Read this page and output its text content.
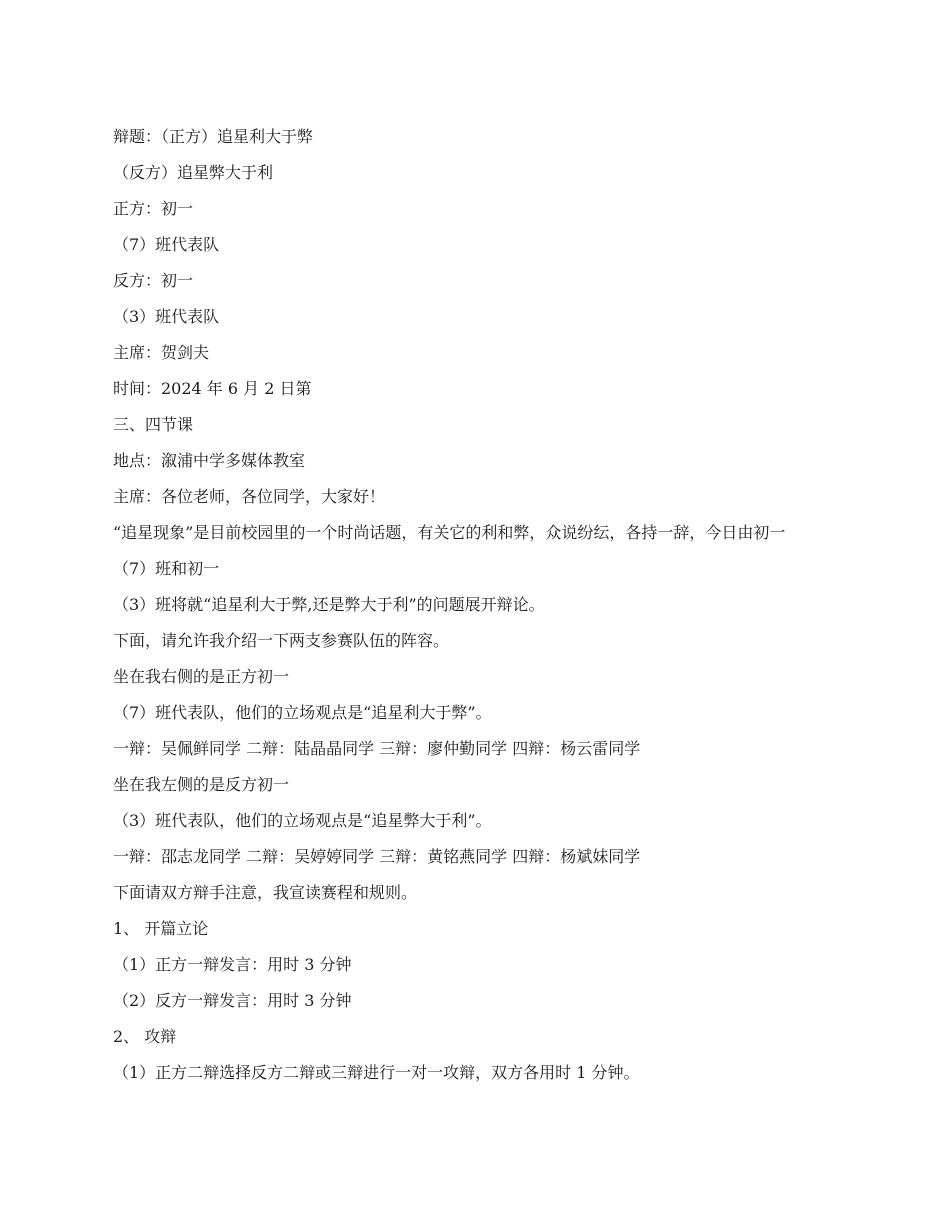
辩题：（正方）追星利大于弊

（反方）追星弊大于利

正方：初一

（7）班代表队

反方：初一

（3）班代表队

主席：贺剑夫

时间：2024 年 6 月 2 日第

三、四节课

地点：溆浦中学多媒体教室

主席：各位老师，各位同学，大家好！

“追星现象”是目前校园里的一个时尚话题，有关它的利和弊，众说纷纭，各持一辞，今日由初一

（7）班和初一

（3）班将就“追星利大于弊,还是弊大于利”的问题展开辩论。

下面，请允许我介绍一下两支参赛队伍的阵容。

坐在我右侧的是正方初一

（7）班代表队，他们的立场观点是“追星利大于弊”。

一辩：吴佩鲜同学 二辩：陆晶晶同学 三辩：廖仲勤同学 四辩：杨云雷同学

坐在我左侧的是反方初一

（3）班代表队，他们的立场观点是“追星弊大于利”。

一辩：邵志龙同学 二辩：吴婷婷同学 三辩：黄铭燕同学 四辩：杨斌妹同学

下面请双方辩手注意，我宣读赛程和规则。

1、 开篇立论

（1）正方一辩发言：用时 3 分钟

（2）反方一辩发言：用时 3 分钟

2、 攻辩

（1）正方二辩选择反方二辩或三辩进行一对一攻辩，双方各用时 1 分钟。
